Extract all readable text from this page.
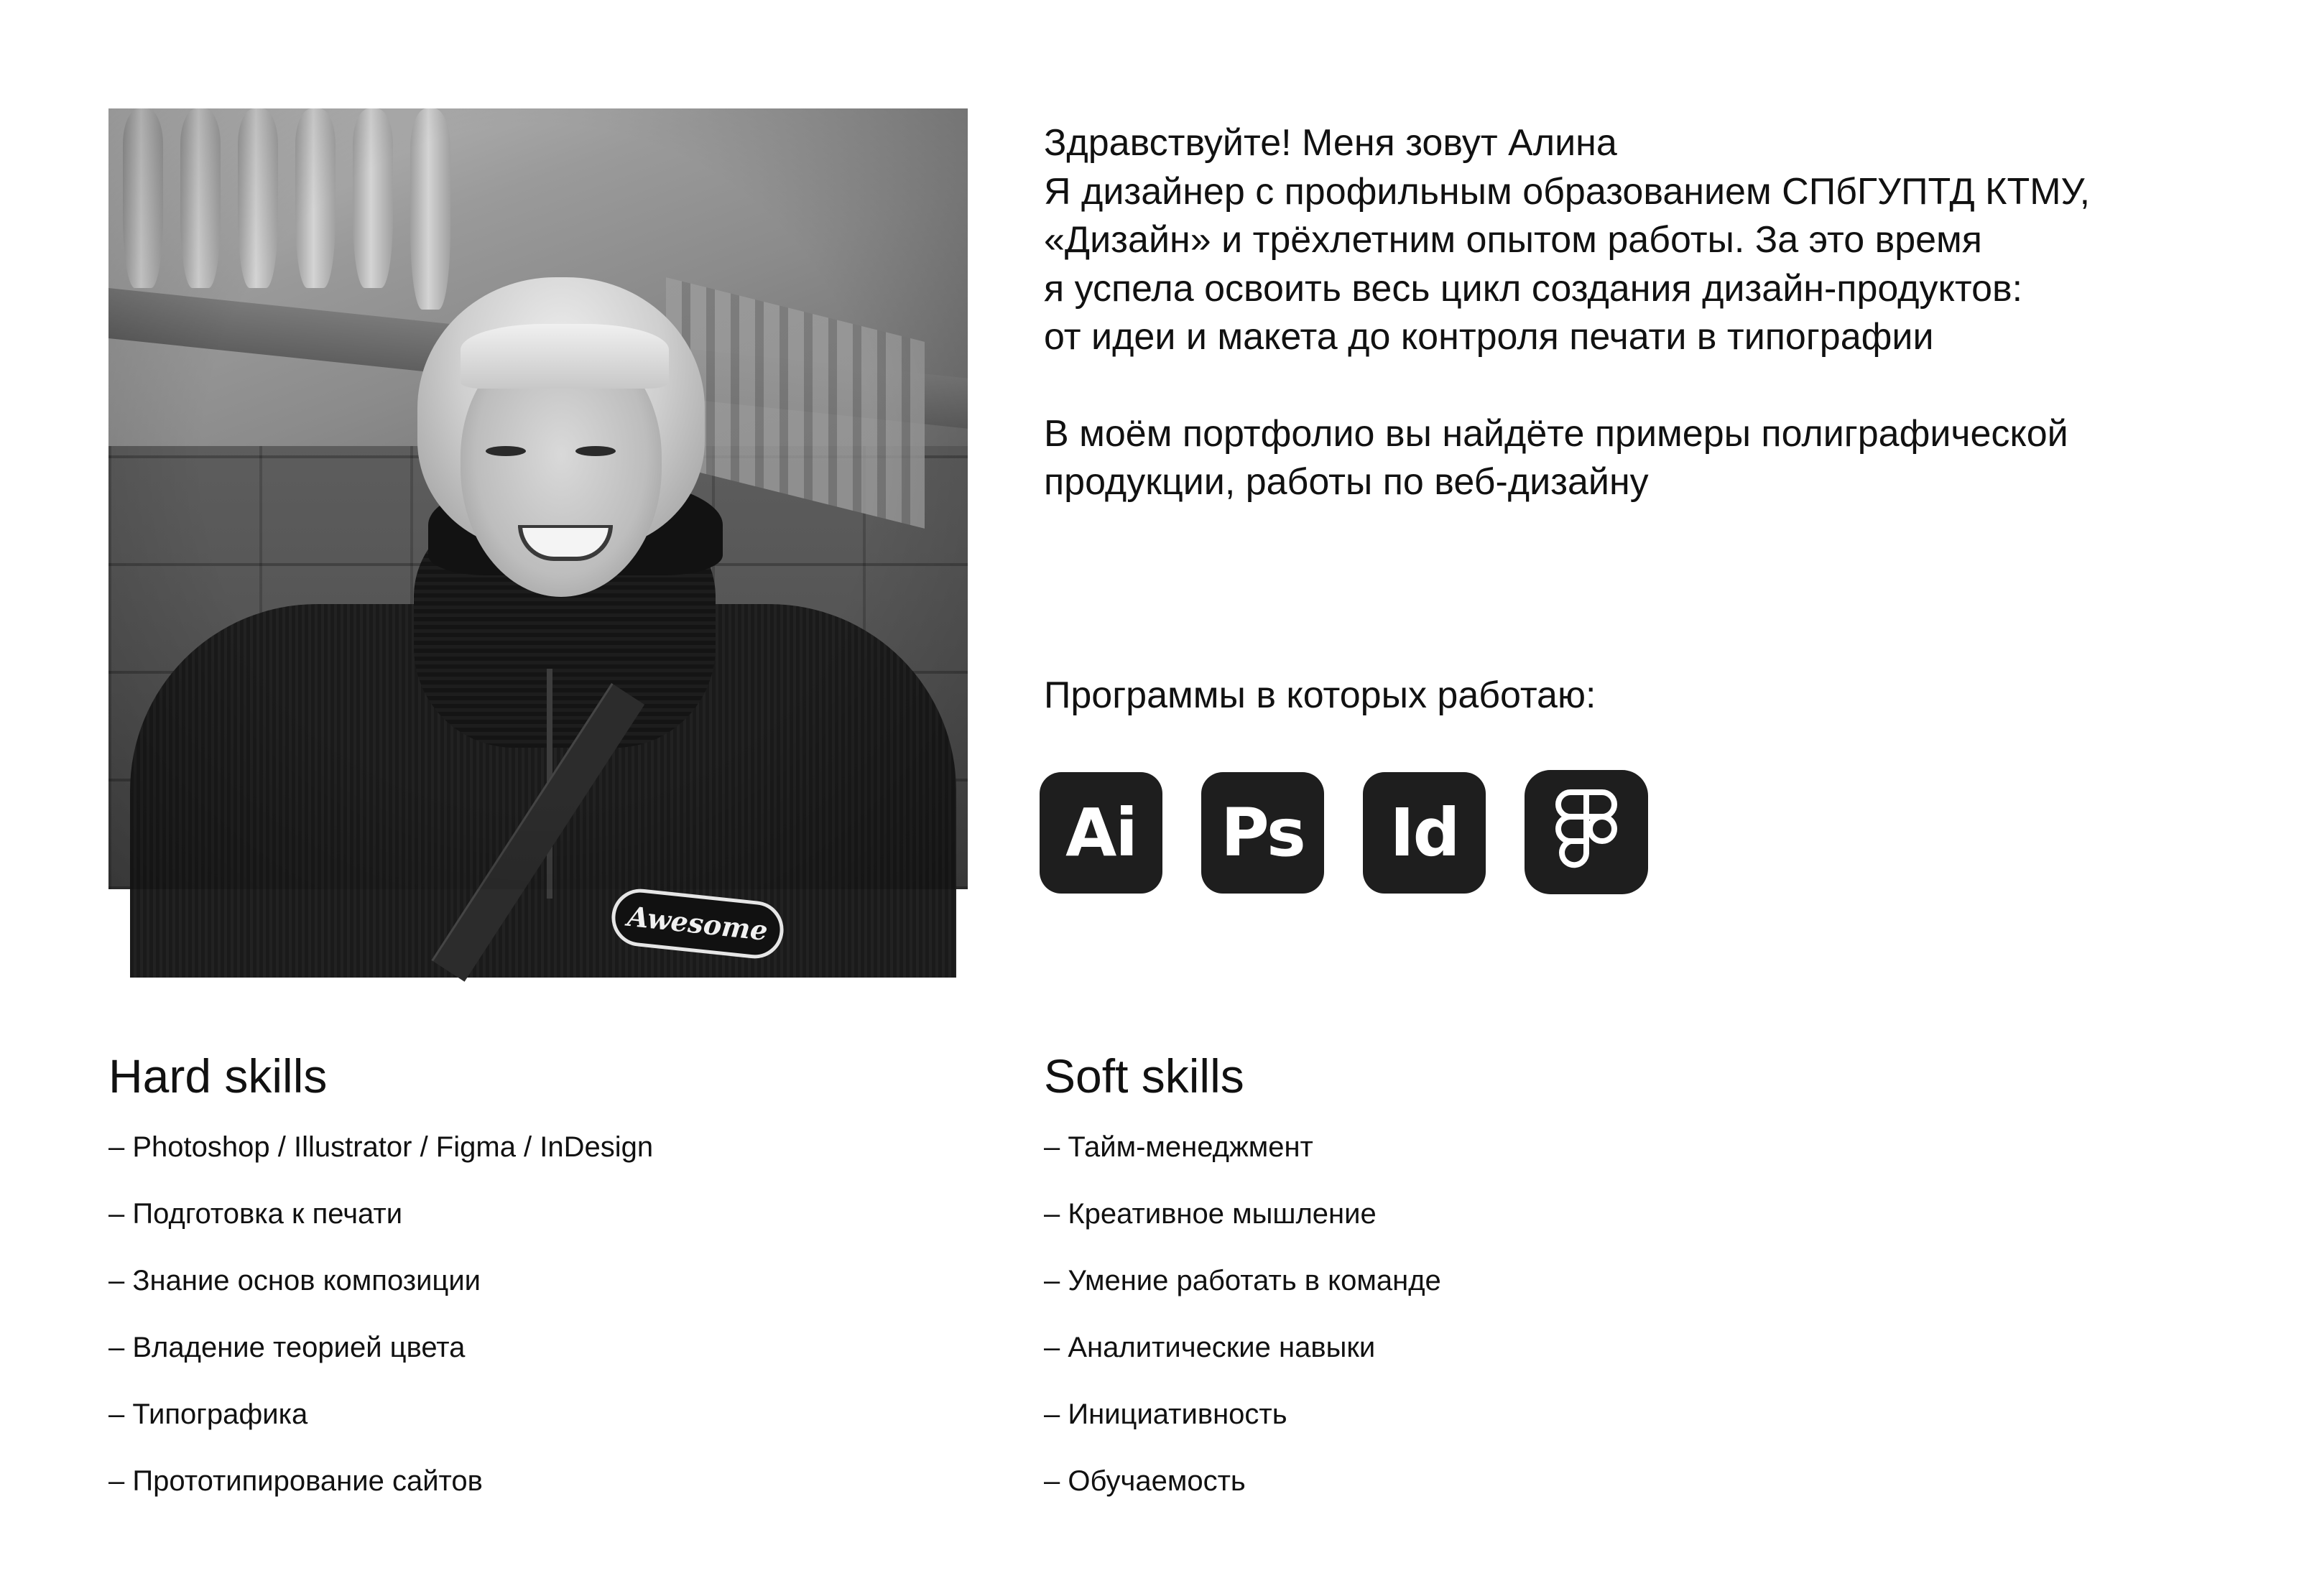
Awesome

Здравствуйте! Меня зовут Алина
Я дизайнер с профильным образованием СПбГУПТД КТМУ,
«Дизайн» и трёхлетним опытом работы. За это время
я успела освоить весь цикл создания дизайн-продуктов:
от идеи и макета до контроля печати в типографии

В моём портфолио вы найдёте примеры полиграфической
продукции, работы по веб-дизайну

Программы в которых работаю:
Ai Ps Id
Hard skills
– Photoshop / Illustrator / Figma / InDesign
– Подготовка к печати
– Знание основ композиции
– Владение теорией цвета
– Типографика
– Прототипирование сайтов
Soft skills
– Тайм-менеджмент
– Креативное мышление
– Умение работать в команде
– Аналитические навыки
– Инициативность
– Обучаемость
